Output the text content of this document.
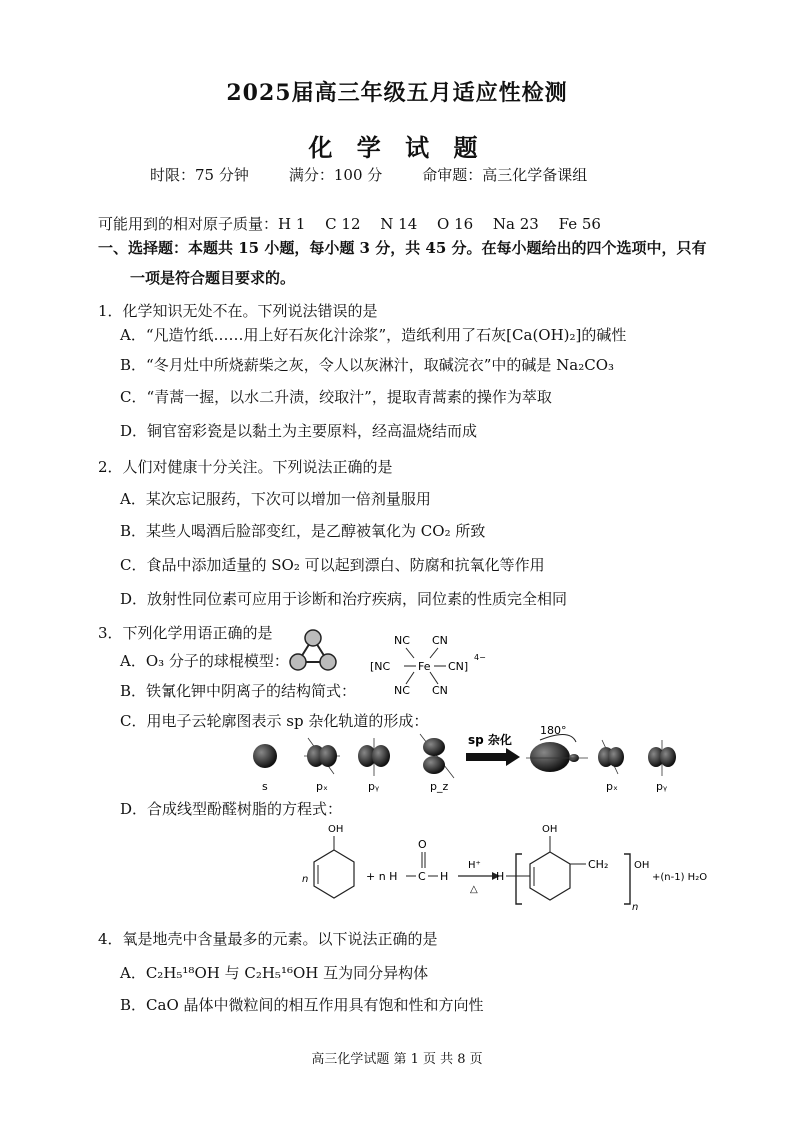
2025届高三年级五月适应性检测
化 学 试 题
时限：75 分钟	满分：100 分	命审题：高三化学备课组
可能用到的相对原子质量：H 1　 C 12　 N 14　 O 16　 Na 23　 Fe 56
一、选择题：本题共 15 小题，每小题 3 分，共 45 分。在每小题给出的四个选项中，只有
一项是符合题目要求的。
1．化学知识无处不在。下列说法错误的是
A．“凡造竹纸……用上好石灰化汁涂浆”，造纸利用了石灰[Ca(OH)₂]的碱性
B．“冬月灶中所烧薪柴之灰，令人以灰淋汁，取碱浣衣”中的碱是 Na₂CO₃
C．“青蒿一握，以水二升渍，绞取汁”，提取青蒿素的操作为萃取
D．铜官窑彩瓷是以黏土为主要原料，经高温烧结而成
2．人们对健康十分关注。下列说法正确的是
A．某次忘记服药，下次可以增加一倍剂量服用
B．某些人喝酒后脸部变红，是乙醇被氧化为 CO₂ 所致
C．食品中添加适量的 SO₂ 可以起到漂白、防腐和抗氧化等作用
D．放射性同位素可应用于诊断和治疗疾病，同位素的性质完全相同
3．下列化学用语正确的是
A．O₃ 分子的球棍模型：
NC CN
[NC	Fe CN]
4−
NC CN
B．铁氰化钾中阴离子的结构简式：
C．用电子云轮廓图表示 sp 杂化轨道的形成：
s	pₓ	pᵧ	p_z
sp 杂化
180°
pₓ	pᵧ
D．合成线型酚醛树脂的方程式：
OH
n	+ n H C
O
H
H⁺
△
H
OH
CH₂	OH
n
+(n-1) H₂O
4．氧是地壳中含量最多的元素。以下说法正确的是
A．C₂H₅¹⁸OH 与 C₂H₅¹⁶OH 互为同分异构体
B．CaO 晶体中微粒间的相互作用具有饱和性和方向性
高三化学试题 第 1 页 共 8 页
